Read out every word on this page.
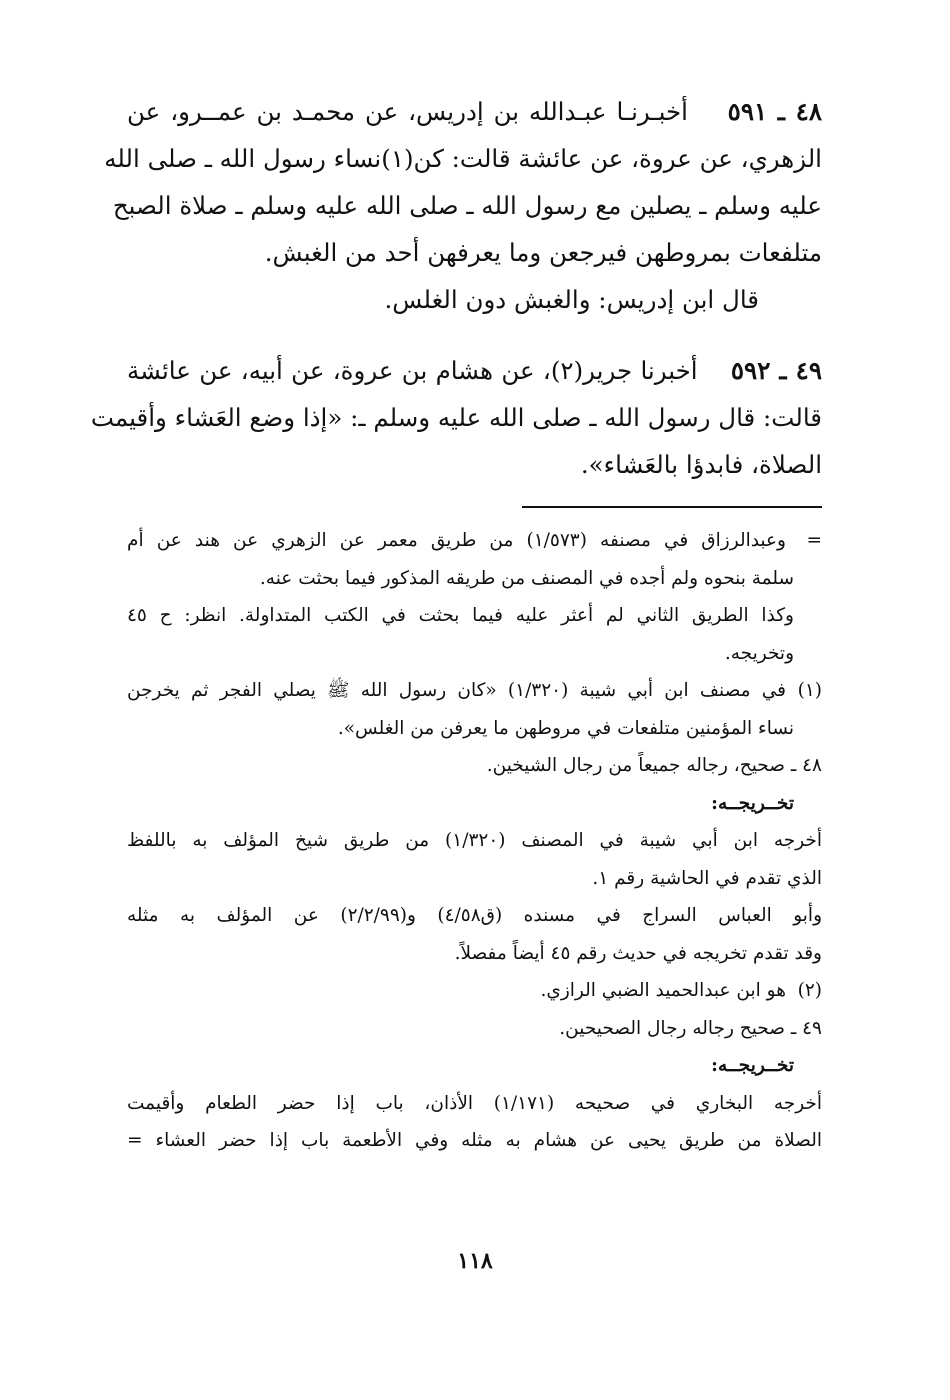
٤٨ ـ ٥٩١    أخبـرنـا عبـدالله بن إدريس، عن محمـد بن عمــرو، عن
الزهري، عن عروة، عن عائشة قالت: كن(١)نساء رسول الله ـ صلى الله
عليه وسلم ـ يصلين مع رسول الله ـ صلى الله عليه وسلم ـ صلاة الصبح
متلفعات بمروطهن فيرجعن وما يعرفهن أحد من الغبش.
قال ابن إدريس: والغبش دون الغلس.
٤٩ ـ ٥٩٢    أخبرنا جرير(٢)، عن هشام بن عروة، عن أبيه، عن عائشة
قالت: قال رسول الله ـ صلى الله عليه وسلم ـ: «إذا وضع العَشاء وأقيمت
الصلاة، فابدؤا بالعَشاء».
=وعبدالرزاق في مصنفه (١/٥٧٣) من طريق معمر عن الزهري عن هند عن أم
سلمة بنحوه ولم أجده في المصنف من طريقه المذكور فيما بحثت عنه.
وكذا الطريق الثاني لم أعثر عليه فيما بحثت في الكتب المتداولة. انظر: ح ٤٥
وتخريجه.
(١)في مصنف ابن أبي شيبة (١/٣٢٠) «كان رسول الله ﷺ يصلي الفجر ثم يخرجن
نساء المؤمنين متلفعات في مروطهن ما يعرفن من الغلس».
٤٨ ـ صحيح، رجاله جميعاً من رجال الشيخين.
تخــريجــه:
أخرجه ابن أبي شيبة في المصنف (١/٣٢٠) من طريق شيخ المؤلف به باللفظ
الذي تقدم في الحاشية رقم ١.
وأبو العباس السراج في مسنده (ق٤/٥٨) و(٢/٢/٩٩) عن المؤلف به مثله
وقد تقدم تخريجه في حديث رقم ٤٥ أيضاً مفصلاً.
(٢)هو ابن عبدالحميد الضبي الرازي.
٤٩ ـ صحيح رجاله رجال الصحيحين.
تخــريجــه:
أخرجه البخاري في صحيحه (١/١٧١) الأذان، باب إذا حضر الطعام وأقيمت
الصلاة من طريق يحيى عن هشام به مثله وفي الأطعمة باب إذا حضر العشاء =
١١٨
